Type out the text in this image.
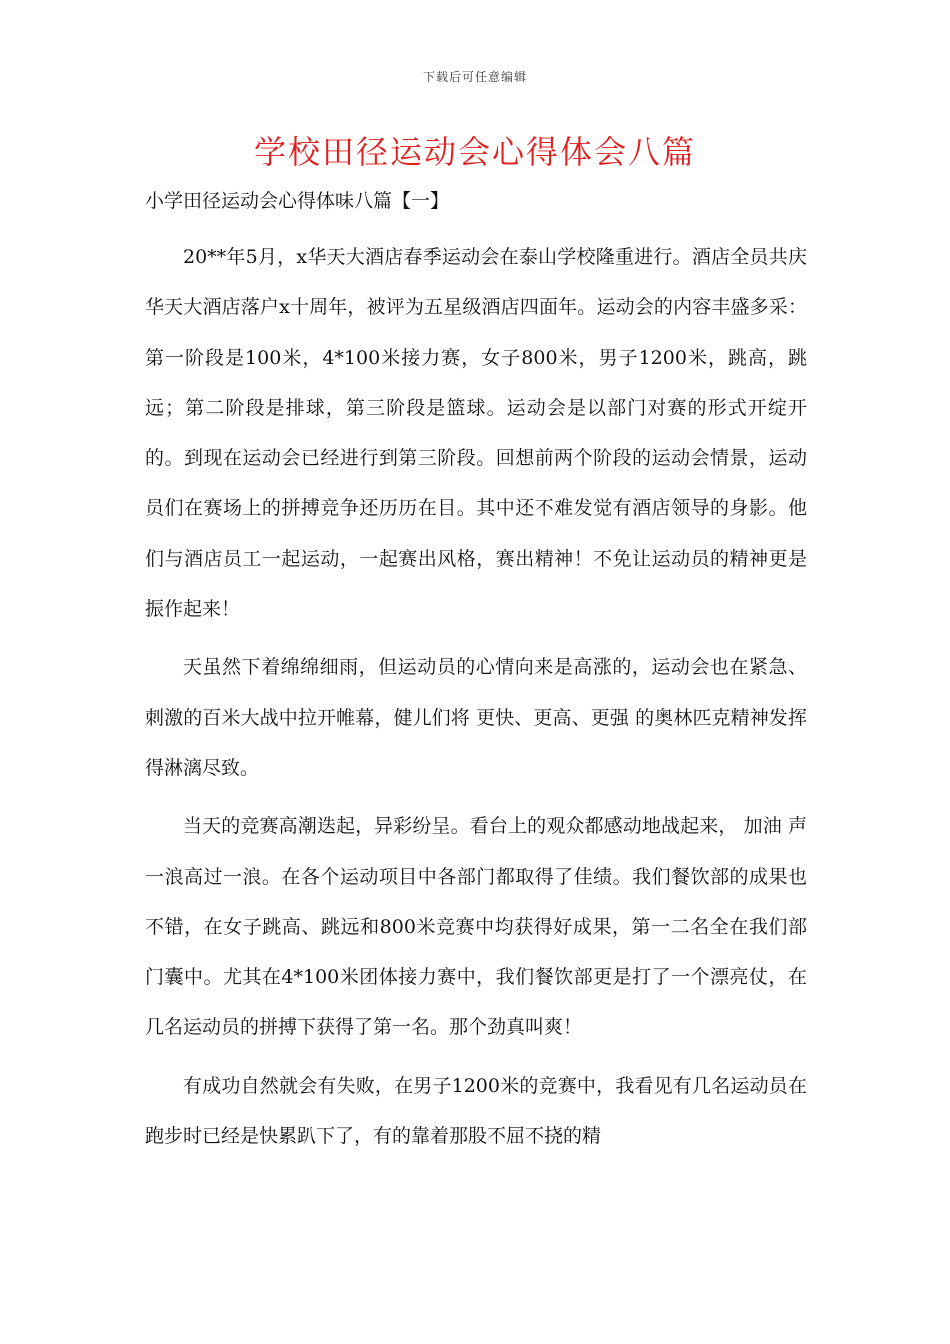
下载后可任意编辑
学校田径运动会心得体会八篇
小学田径运动会心得体味八篇【一】

20**年5月，x华天大酒店春季运动会在泰山学校隆重进行。酒店全员共庆华天大酒店落户x十周年，被评为五星级酒店四面年。运动会的内容丰盛多采：第一阶段是100米，4*100米接力赛，女子800米，男子1200米，跳高，跳远；第二阶段是排球，第三阶段是篮球。运动会是以部门对赛的形式开绽开的。到现在运动会已经进行到第三阶段。回想前两个阶段的运动会情景，运动员们在赛场上的拼搏竞争还历历在目。其中还不难发觉有酒店领导的身影。他们与酒店员工一起运动，一起赛出风格，赛出精神！不免让运动员的精神更是振作起来！

天虽然下着绵绵细雨，但运动员的心情向来是高涨的，运动会也在紧急、刺激的百米大战中拉开帷幕，健儿们将 更快、更高、更强 的奥林匹克精神发挥得淋漓尽致。

当天的竞赛高潮迭起，异彩纷呈。看台上的观众都感动地战起来， 加油 声一浪高过一浪。在各个运动项目中各部门都取得了佳绩。我们餐饮部的成果也不错，在女子跳高、跳远和800米竞赛中均获得好成果，第一二名全在我们部门囊中。尤其在4*100米团体接力赛中，我们餐饮部更是打了一个漂亮仗，在几名运动员的拼搏下获得了第一名。那个劲真叫爽！

有成功自然就会有失败，在男子1200米的竞赛中，我看见有几名运动员在跑步时已经是快累趴下了，有的靠着那股不屈不挠的精
